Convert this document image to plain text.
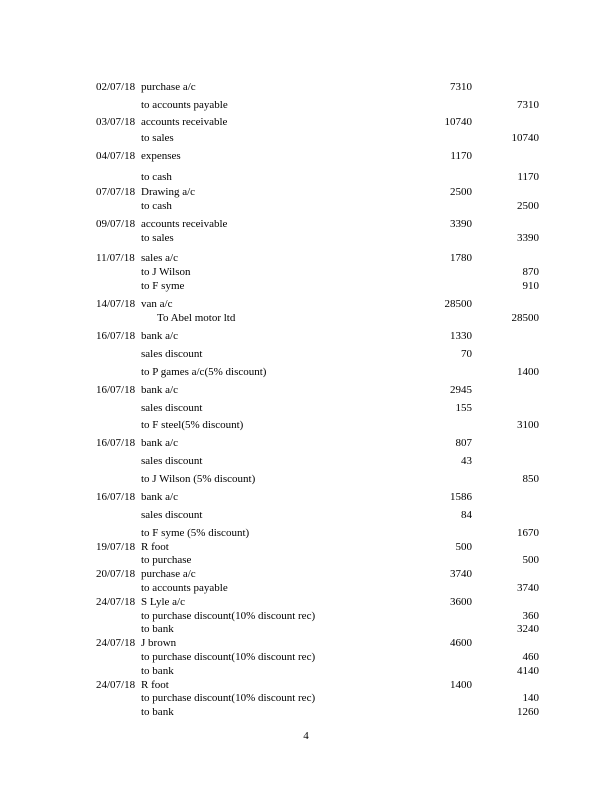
02/07/18 purchase a/c	7310
to accounts payable	7310
03/07/18 accounts receivable	10740
to sales	10740
04/07/18 expenses	1170
to cash	1170
07/07/18 Drawing a/c	2500
to cash	2500
09/07/18 accounts receivable	3390
to sales	3390
11/07/18 sales a/c	1780
to J Wilson	870
to F syme	910
14/07/18 van a/c	28500
To Abel motor ltd	28500
16/07/18 bank a/c	1330
sales discount	70
to P games a/c(5% discount)	1400
16/07/18 bank a/c	2945
sales discount	155
to F steel(5% discount)	3100
16/07/18 bank a/c	807
sales discount	43
to J Wilson (5% discount)	850
16/07/18 bank a/c	1586
sales discount	84
to F syme (5% discount)	1670
19/07/18 R foot	500
to purchase	500
20/07/18 purchase a/c	3740
to accounts payable	3740
24/07/18 S Lyle a/c	3600
to purchase discount(10% discount rec)	360
to bank	3240
24/07/18 J brown	4600
to purchase discount(10% discount rec)	460
to bank	4140
24/07/18 R foot	1400
to purchase discount(10% discount rec)	140
to bank	1260
4
